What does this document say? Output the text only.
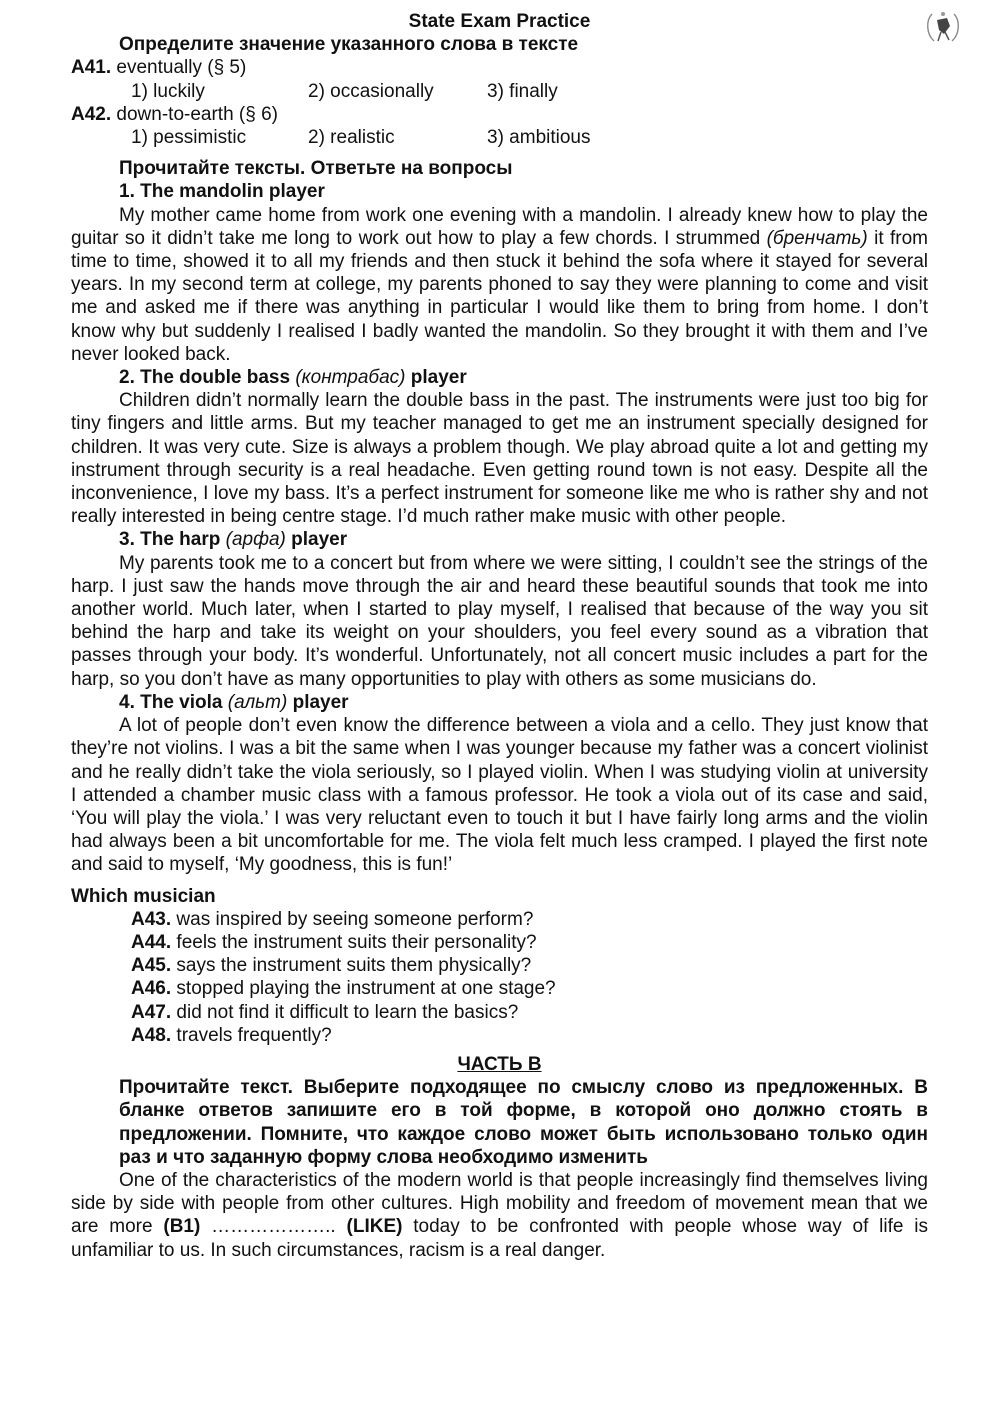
State Exam Practice
Определите значение указанного слова в тексте
A41. eventually (§ 5)
1) luckily	2) occasionally	3) finally
A42. down-to-earth (§ 6)
1) pessimistic	2) realistic	3) ambitious
Прочитайте тексты. Ответьте на вопросы
1. The mandolin player

My mother came home from work one evening with a mandolin. I already knew how to play the guitar so it didn’t take me long to work out how to play a few chords. I strummed (бренчать) it from time to time, showed it to all my friends and then stuck it behind the sofa where it stayed for several years. In my second term at college, my parents phoned to say they were planning to come and visit me and asked me if there was anything in particular I would like them to bring from home. I don’t know why but suddenly I realised I badly wanted the mandolin. So they brought it with them and I’ve never looked back.

2. The double bass (контрабас) player

Children didn’t normally learn the double bass in the past. The instruments were just too big for tiny fingers and little arms. But my teacher managed to get me an instrument specially designed for children. It was very cute. Size is always a problem though. We play abroad quite a lot and getting my instrument through security is a real headache. Even getting round town is not easy. Despite all the inconvenience, I love my bass. It’s a perfect instrument for someone like me who is rather shy and not really interested in being centre stage. I’d much rather make music with other people.

3. The harp (арфа) player

My parents took me to a concert but from where we were sitting, I couldn’t see the strings of the harp. I just saw the hands move through the air and heard these beautiful sounds that took me into another world. Much later, when I started to play myself, I realised that because of the way you sit behind the harp and take its weight on your shoulders, you feel every sound as a vibration that passes through your body. It’s wonderful. Unfortunately, not all concert music includes a part for the harp, so you don’t have as many opportunities to play with others as some musicians do.

4. The viola (альт) player

A lot of people don’t even know the difference between a viola and a cello. They just know that they’re not violins. I was a bit the same when I was younger because my father was a concert violinist and he really didn’t take the viola seriously, so I played violin. When I was studying violin at university I attended a chamber music class with a famous professor. He took a viola out of its case and said, ‘You will play the viola.’ I was very reluctant even to touch it but I have fairly long arms and the violin had always been a bit uncomfortable for me. The viola felt much less cramped. I played the first note and said to myself, ‘My goodness, this is fun!’

Which musician
A43. was inspired by seeing someone perform?
A44. feels the instrument suits their personality?
A45. says the instrument suits them physically?
A46. stopped playing the instrument at one stage?
A47. did not find it difficult to learn the basics?
A48. travels frequently?
ЧАСТЬ В
Прочитайте текст. Выберите подходящее по смыслу слово из предложенных. В бланке ответов запишите его в той форме, в которой оно должно стоять в предложении. Помните, что каждое слово может быть использовано только один раз и что заданную форму слова необходимо изменить

One of the characteristics of the modern world is that people increasingly find themselves living side by side with people from other cultures. High mobility and freedom of movement mean that we are more (B1) ……………….. (LIKE) today to be confronted with people whose way of life is unfamiliar to us. In such circumstances, racism is a real danger.
